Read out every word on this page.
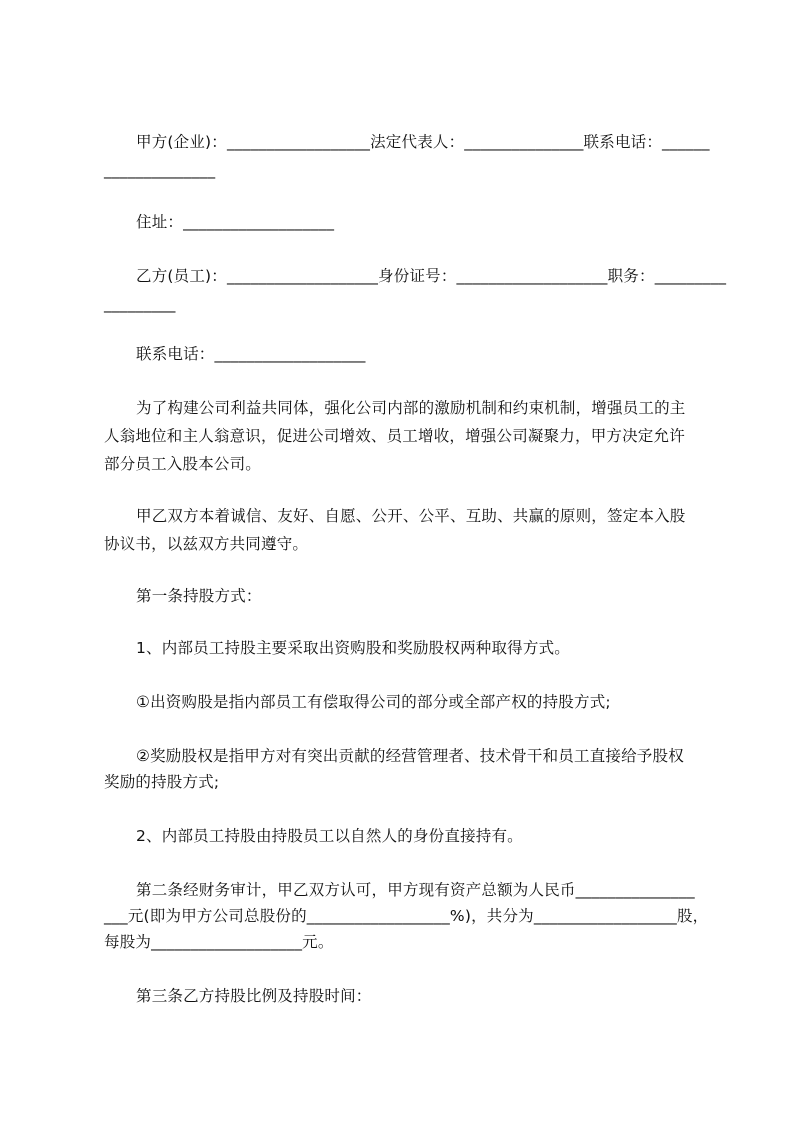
甲方(企业)：__________________法定代表人：_______________联系电话：______
______________
住址：___________________
乙方(员工)：___________________身份证号：___________________职务：_________
_________
联系电话：___________________
为了构建公司利益共同体，强化公司内部的激励机制和约束机制，增强员工的主
人翁地位和主人翁意识，促进公司增效、员工增收，增强公司凝聚力，甲方决定允许
部分员工入股本公司。
甲乙双方本着诚信、友好、自愿、公开、公平、互助、共赢的原则，签定本入股
协议书，以兹双方共同遵守。
第一条持股方式：
1、内部员工持股主要采取出资购股和奖励股权两种取得方式。
①出资购股是指内部员工有偿取得公司的部分或全部产权的持股方式;
②奖励股权是指甲方对有突出贡献的经营管理者、技术骨干和员工直接给予股权
奖励的持股方式;
2、内部员工持股由持股员工以自然人的身份直接持有。
第二条经财务审计，甲乙双方认可，甲方现有资产总额为人民币_______________
___元(即为甲方公司总股份的__________________%)，共分为__________________股，
每股为___________________元。
第三条乙方持股比例及持股时间：
